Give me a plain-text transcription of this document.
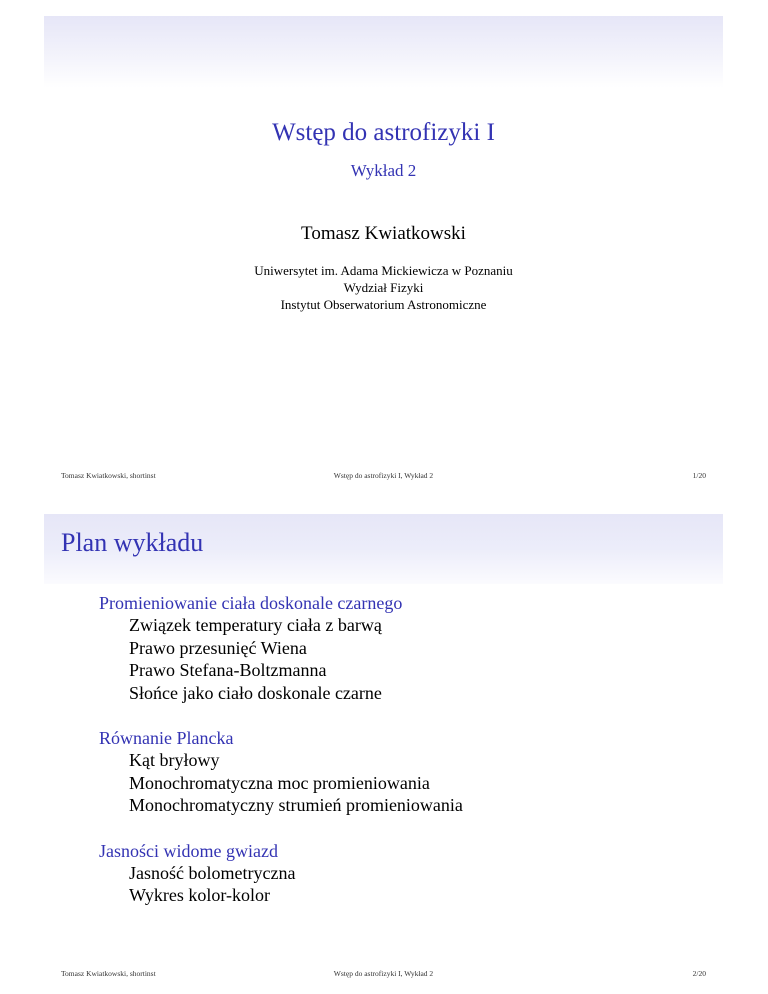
Wstęp do astrofizyki I
Wykład 2
Tomasz Kwiatkowski
Uniwersytet im. Adama Mickiewicza w Poznaniu
Wydział Fizyki
Instytut Obserwatorium Astronomiczne
Tomasz Kwiatkowski, shortinst	Wstęp do astrofizyki I, Wykład 2	1/20
Plan wykładu
Promieniowanie ciała doskonale czarnego
Związek temperatury ciała z barwą
Prawo przesunięć Wiena
Prawo Stefana-Boltzmanna
Słońce jako ciało doskonale czarne
Równanie Plancka
Kąt bryłowy
Monochromatyczna moc promieniowania
Monochromatyczny strumień promieniowania
Jasności widome gwiazd
Jasność bolometryczna
Wykres kolor-kolor
Tomasz Kwiatkowski, shortinst	Wstęp do astrofizyki I, Wykład 2	2/20
